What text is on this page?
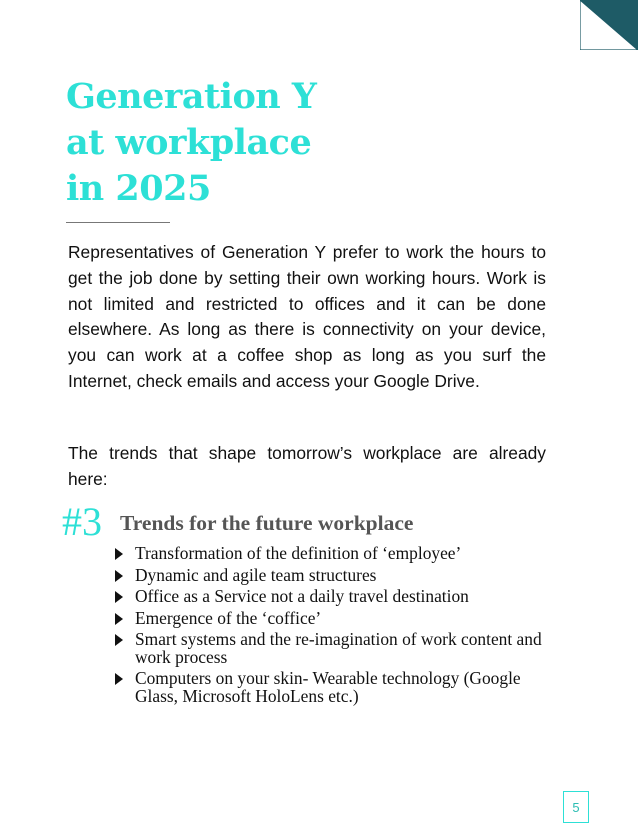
Generation Y
at workplace
in 2025

Representatives of Generation Y prefer to work the hours to get the job done by setting their own working hours. Work is not limited and restricted to offices and it can be done elsewhere. As long as there is connectivity on your device, you can work at a coffee shop as long as you surf the Internet, check emails and access your Google Drive.

The trends that shape tomorrow’s workplace are already here:

#3 Trends for the future workplace
Transformation of the definition of ‘employee’
Dynamic and agile team structures
Office as a Service not a daily travel destination
Emergence of the ‘coffice’
Smart systems and the re-imagination of work content and work process
Computers on your skin- Wearable technology (Google Glass, Microsoft HoloLens etc.)
5
